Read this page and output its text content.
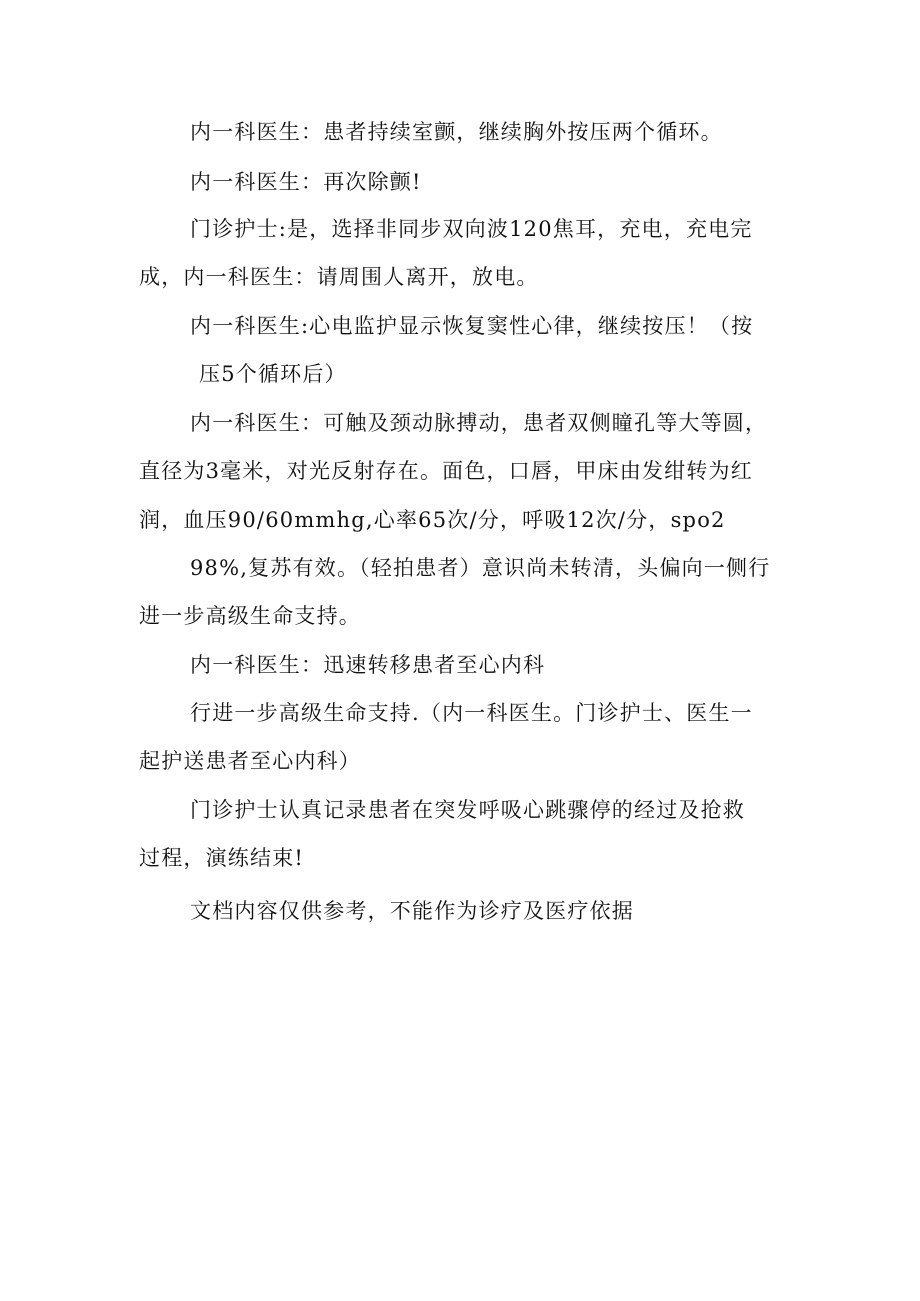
内一科医生：患者持续室颤，继续胸外按压两个循环。
内一科医生：再次除颤!
门诊护士:是，选择非同步双向波120焦耳，充电，充电完
成，内一科医生：请周围人离开，放电。
内一科医生:心电监护显示恢复窦性心律，继续按压！（按
压5个循环后）
内一科医生：可触及颈动脉搏动，患者双侧瞳孔等大等圆，
直径为3毫米，对光反射存在。面色，口唇，甲床由发绀转为红
润，血压90/60mmhg,心率65次/分，呼吸12次/分，spo2
98%,复苏有效。（轻拍患者）意识尚未转清，头偏向一侧行
进一步高级生命支持。
内一科医生：迅速转移患者至心内科
行进一步高级生命支持.（内一科医生。门诊护士、医生一
起护送患者至心内科）
门诊护士认真记录患者在突发呼吸心跳骤停的经过及抢救
过程，演练结束!
文档内容仅供参考，不能作为诊疗及医疗依据
